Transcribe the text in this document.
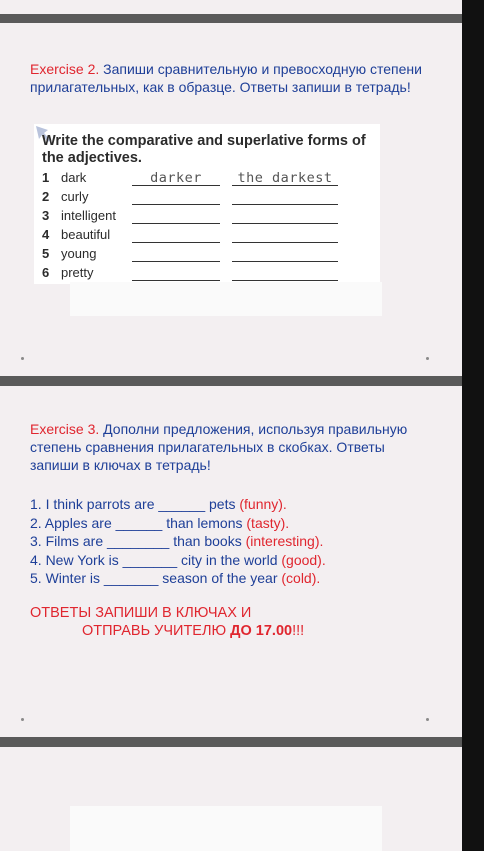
Exercise 2. Запиши сравнительную и превосходную степени прилагательных, как в образце. Ответы запиши в тетрадь!
Write the comparative and superlative forms of the adjectives.
1 dark	darker	the darkest
2 curly
3 intelligent
4 beautiful
5 young
6 pretty
Exercise 3. Дополни предложения, используя правильную степень сравнения прилагательных в скобках. Ответы запиши в ключах в тетрадь!
1. I think parrots are ______ pets (funny).
2. Apples are ______ than lemons (tasty).
3. Films are ________ than books (interesting).
4. New York is _______ city in the world (good).
5. Winter is _______ season of the year (cold).
ОТВЕТЫ ЗАПИШИ В КЛЮЧАХ И
ОТПРАВЬ УЧИТЕЛЮ ДО 17.00!!!
